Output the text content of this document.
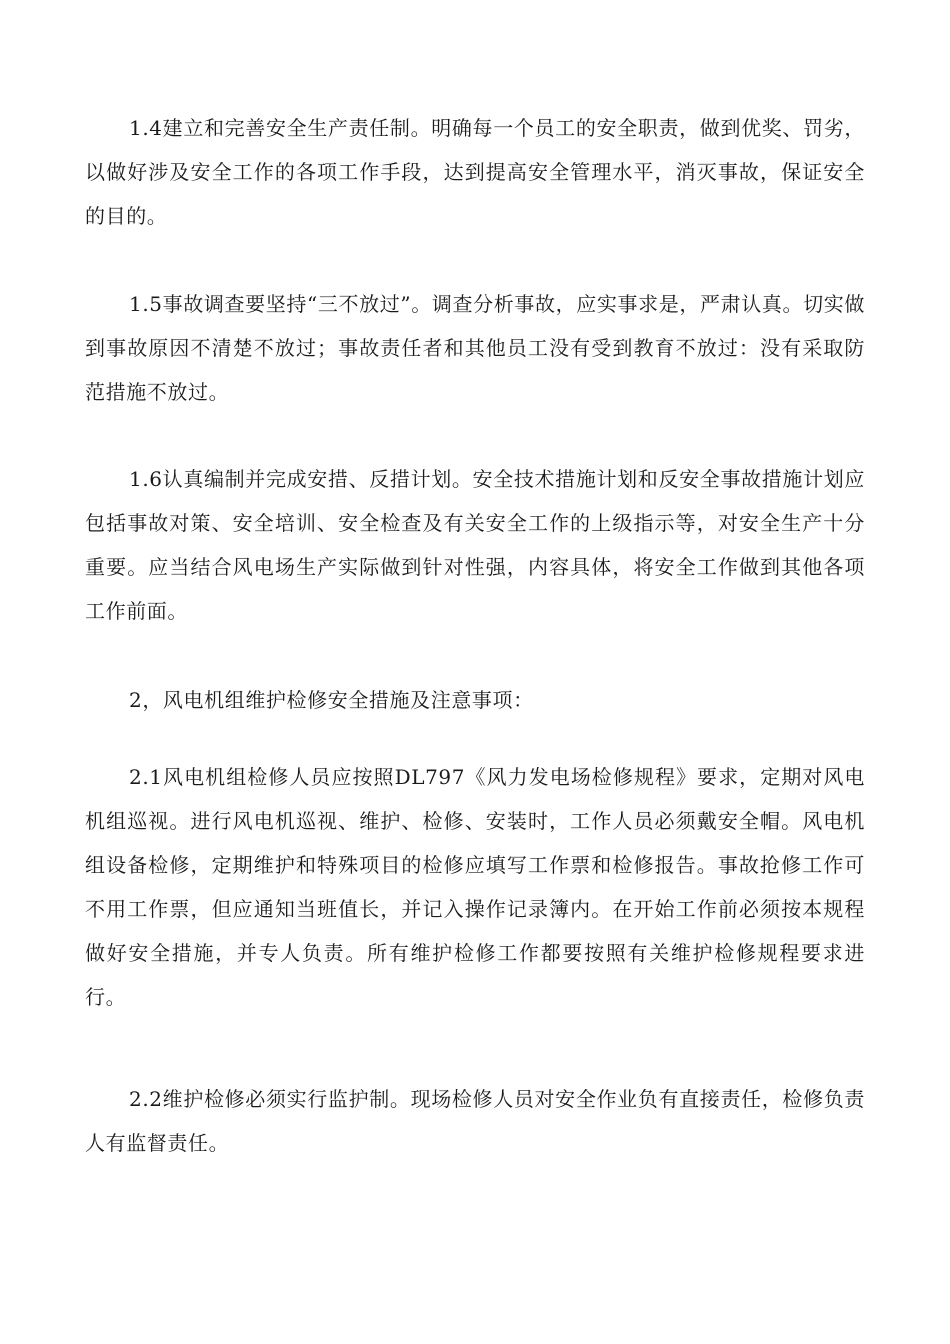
1.4建立和完善安全生产责任制。明确每一个员工的安全职责，做到优奖、罚劣，以做好涉及安全工作的各项工作手段，达到提高安全管理水平，消灭事故，保证安全的目的。

1.5事故调查要坚持“三不放过”。调查分析事故，应实事求是，严肃认真。切实做到事故原因不清楚不放过；事故责任者和其他员工没有受到教育不放过：没有采取防范措施不放过。

1.6认真编制并完成安措、反措计划。安全技术措施计划和反安全事故措施计划应包括事故对策、安全培训、安全检查及有关安全工作的上级指示等，对安全生产十分重要。应当结合风电场生产实际做到针对性强，内容具体，将安全工作做到其他各项工作前面。

2，风电机组维护检修安全措施及注意事项：

2.1风电机组检修人员应按照DL797《风力发电场检修规程》要求，定期对风电机组巡视。进行风电机巡视、维护、检修、安装时，工作人员必须戴安全帽。风电机组设备检修，定期维护和特殊项目的检修应填写工作票和检修报告。事故抢修工作可不用工作票，但应通知当班值长，并记入操作记录簿内。在开始工作前必须按本规程做好安全措施，并专人负责。所有维护检修工作都要按照有关维护检修规程要求进行。

2.2维护检修必须实行监护制。现场检修人员对安全作业负有直接责任，检修负责人有监督责任。
